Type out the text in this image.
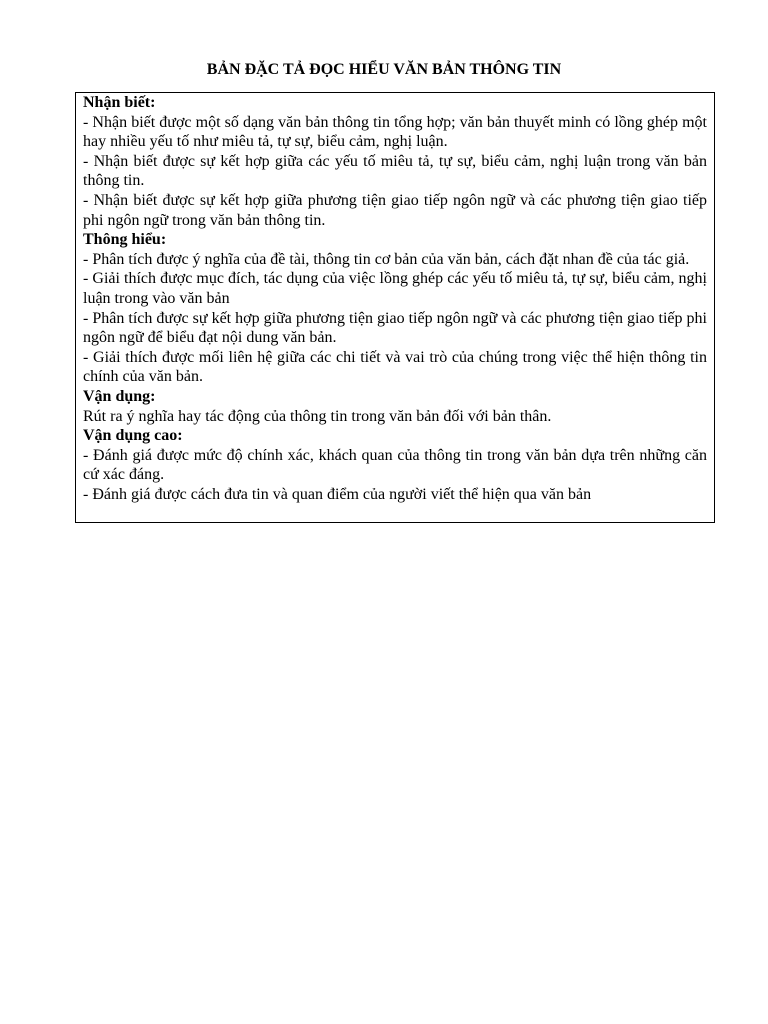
BẢN ĐẶC TẢ ĐỌC HIỂU VĂN BẢN THÔNG TIN

Nhận biết:

- Nhận biết được một số dạng văn bản thông tin tổng hợp; văn bản thuyết minh có lồng ghép một hay nhiều yếu tố như miêu tả, tự sự, biểu cảm, nghị luận.

- Nhận biết được sự kết hợp giữa các yếu tố miêu tả, tự sự, biểu cảm, nghị luận trong văn bản thông tin.

- Nhận biết được sự kết hợp giữa phương tiện giao tiếp ngôn ngữ và các phương tiện giao tiếp phi ngôn ngữ trong văn bản thông tin.

Thông hiểu:

- Phân tích được ý nghĩa của đề tài, thông tin cơ bản của văn bản, cách đặt nhan đề của tác giả.

- Giải thích được mục đích, tác dụng của việc lồng ghép các yếu tố miêu tả, tự sự, biểu cảm, nghị luận trong vào văn bản

- Phân tích được sự kết hợp giữa phương tiện giao tiếp ngôn ngữ và các phương tiện giao tiếp phi ngôn ngữ để biểu đạt nội dung văn bản.

- Giải thích được mối liên hệ giữa các chi tiết và vai trò của chúng trong việc thể hiện thông tin chính của văn bản.

Vận dụng:

Rút ra ý nghĩa hay tác động của thông tin trong văn bản đối với bản thân.

Vận dụng cao:

- Đánh giá được mức độ chính xác, khách quan của thông tin trong văn bản dựa trên những căn cứ xác đáng.

- Đánh giá được cách đưa tin và quan điểm của người viết thể hiện qua văn bản
